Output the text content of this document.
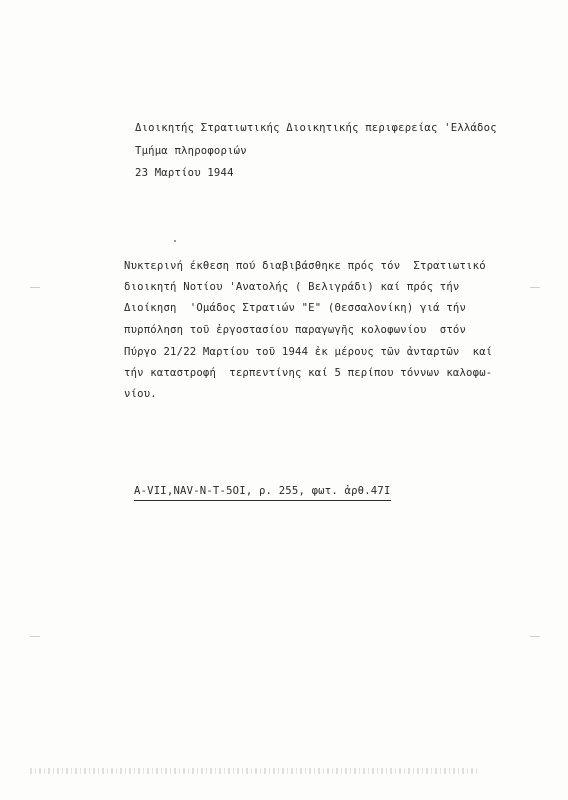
Διοικητής Στρατιωτικής Διοικητικής περιφερείας 'Ελλάδος
Τμήμα πληροφοριών
23 Μαρτίου 1944
Νυκτερινή έκθεση πού διαβιβάσθηκε πρός τόν  Στρατιωτικό
διοικητή Νοτίου 'Ανατολής ( Βελιγράδι) καί πρός τήν
Διοίκηση  'Ομάδος Στρατιών "Ε" (Θεσσαλονίκη) γιά τήν
πυρπόληση τοῦ ἐργοστασίου παραγωγῆς κολοφωνίου  στόν
Πύργο 21/22 Μαρτίου τοῦ 1944 ἐκ μέρους τῶν ἀνταρτῶν  καί
τήν καταστροφή  τερπεντίνης καί 5 περίπου τόννων καλοφω-
νίου.
A-VII,NAV-N-T-5OI, ρ. 255, φωτ. ἀρθ.47I
